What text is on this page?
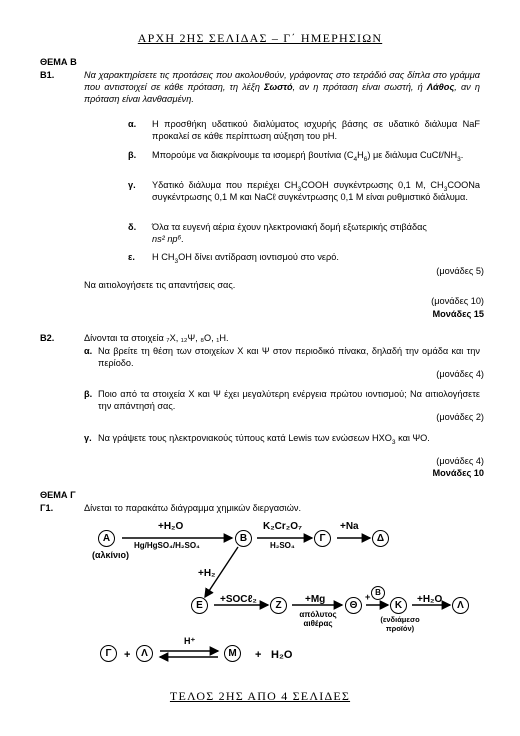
ΑΡΧΗ 2ΗΣ ΣΕΛΙΔΑΣ – Γ΄ ΗΜΕΡΗΣΙΩΝ
ΘΕΜΑ Β
Β1.	Να χαρακτηρίσετε τις προτάσεις που ακολουθούν, γράφοντας στο τετράδιό σας δίπλα στο γράμμα που αντιστοιχεί σε κάθε πρόταση, τη λέξη Σωστό, αν η πρόταση είναι σωστή, ή Λάθος, αν η πρόταση είναι λανθασμένη.
α. Η προσθήκη υδατικού διαλύματος ισχυρής βάσης σε υδατικό διάλυμα NaF προκαλεί σε κάθε περίπτωση αύξηση του pH.
β. Μπορούμε να διακρίνουμε τα ισομερή βουτίνια $(C_4H_6)$ με διάλυμα CuCℓ/$NH_3$.
γ. Υδατικό διάλυμα που περιέχει $CH_3COOH$ συγκέντρωσης 0,1 Μ, $CH_3COONa$ συγκέντρωσης 0,1 Μ και NaCℓ συγκέντρωσης 0,1 Μ είναι ρυθμιστικό διάλυμα.
δ. Όλα τα ευγενή αέρια έχουν ηλεκτρονιακή δομή εξωτερικής στιβάδας
ns² np⁶.
ε. Η $CH_3OH$ δίνει αντίδραση ιοντισμού στο νερό.
(μονάδες 5)
Να αιτιολογήσετε τις απαντήσεις σας.
(μονάδες 10)
Μονάδες 15
Β2.	Δίνονται τα στοιχεία ₇Χ, ₁₂Ψ, ₈Ο, ₁Η.
α. Να βρείτε τη θέση των στοιχείων Χ και Ψ στον περιοδικό πίνακα, δηλαδή την ομάδα και την περίοδο.
(μονάδες 4)
β. Ποιο από τα στοιχεία Χ και Ψ έχει μεγαλύτερη ενέργεια πρώτου ιοντισμού; Να αιτιολογήσετε την απάντησή σας.
(μονάδες 2)
γ. Να γράψετε τους ηλεκτρονιακούς τύπους κατά Lewis των ενώσεων $HXO_3$ και ΨO.
(μονάδες 4)
Μονάδες 10
ΘΕΜΑ Γ
Γ1.	Δίνεται το παρακάτω διάγραμμα χημικών διεργασιών.
Α
(αλκίνιο)
+H₂O
Hg/HgSO₄/H₂SO₄
Β
K₂Cr₂O₇
H₂SO₄
Γ
+Na
Δ
+H₂
Ε
+SOCℓ₂
Ζ
+Mg
απόλυτος αιθέρας
Θ
+ Β
Κ
(ενδιάμεσο προϊόν)
+H₂O
Λ
Γ	+	Λ
H⁺
Μ	+ H₂O
ΤΕΛΟΣ 2ΗΣ ΑΠΟ 4 ΣΕΛΙΔΕΣ
